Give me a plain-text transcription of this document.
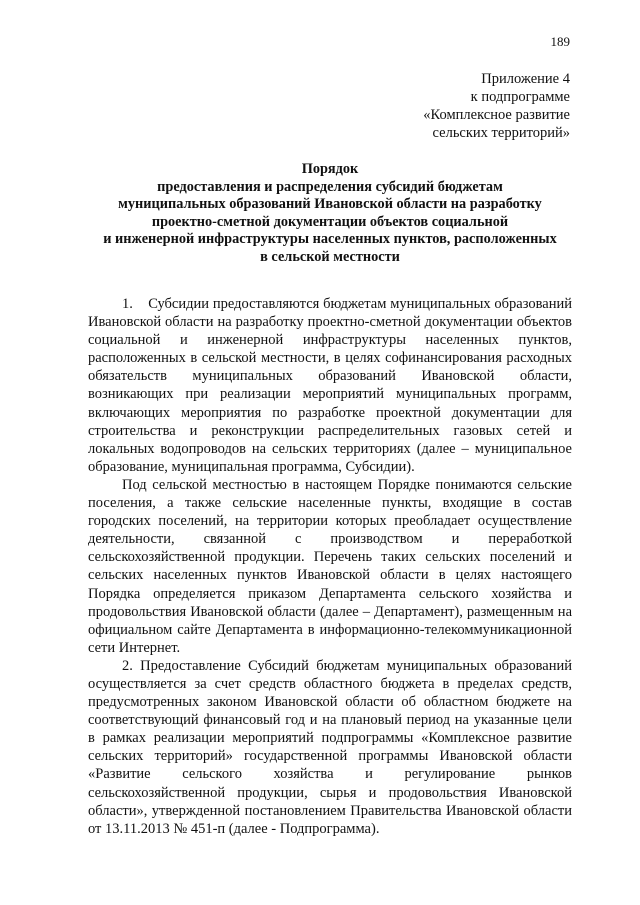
189
Приложение 4
к подпрограмме
«Комплексное развитие
сельских территорий»
Порядок
предоставления и распределения субсидий бюджетам
муниципальных образований Ивановской области на разработку
проектно-сметной документации объектов социальной
и инженерной инфраструктуры населенных пунктов, расположенных
в сельской местности

1.    Субсидии предоставляются бюджетам муниципальных образований Ивановской области на разработку проектно-сметной документации объектов социальной и инженерной инфраструктуры населенных пунктов, расположенных в сельской местности, в целях софинансирования расходных обязательств муниципальных образований Ивановской области, возникающих при реализации мероприятий муниципальных программ, включающих мероприятия по разработке проектной документации для строительства и реконструкции распределительных газовых сетей и локальных водопроводов на сельских территориях (далее – муниципальное образование, муниципальная программа, Субсидии).

Под сельской местностью в настоящем Порядке понимаются сельские поселения, а также сельские населенные пункты, входящие в состав городских поселений, на территории которых преобладает осуществление деятельности, связанной с производством и переработкой сельскохозяйственной продукции. Перечень таких сельских поселений и сельских населенных пунктов Ивановской области в целях настоящего Порядка определяется приказом Департамента сельского хозяйства и продовольствия Ивановской области (далее – Департамент), размещенным на официальном сайте Департамента в информационно-телекоммуникационной сети Интернет.

2. Предоставление Субсидий бюджетам муниципальных образований осуществляется за счет средств областного бюджета в пределах средств, предусмотренных законом Ивановской области об областном бюджете на соответствующий финансовый год и на плановый период на указанные цели в рамках реализации мероприятий подпрограммы «Комплексное развитие сельских территорий» государственной программы Ивановской области «Развитие сельского хозяйства и регулирование рынков сельскохозяйственной продукции, сырья и продовольствия Ивановской области», утвержденной постановлением Правительства Ивановской области от 13.11.2013 № 451-п (далее - Подпрограмма).
